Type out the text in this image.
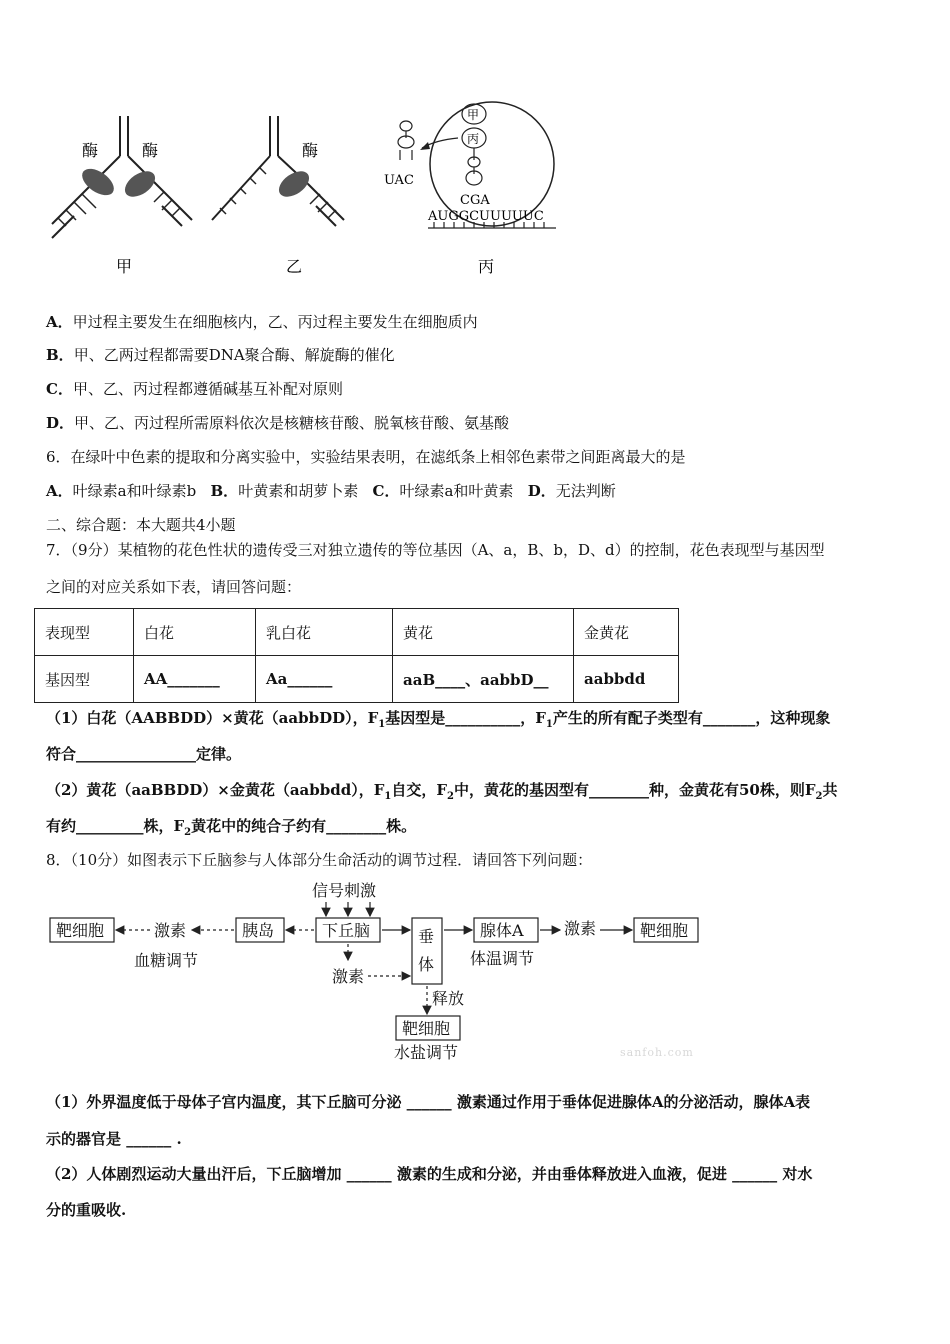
酶	酶
甲
酶
乙
甲
丙
CGA
UAC
AUGGCUUUUUC
丙
A．甲过程主要发生在细胞核内，乙、丙过程主要发生在细胞质内
B．甲、乙两过程都需要DNA聚合酶、解旋酶的催化
C．甲、乙、丙过程都遵循碱基互补配对原则
D．甲、乙、丙过程所需原料依次是核糖核苷酸、脱氧核苷酸、氨基酸
6．在绿叶中色素的提取和分离实验中，实验结果表明，在滤纸条上相邻色素带之间距离最大的是
A．叶绿素a和叶绿素b B．叶黄素和胡萝卜素 C．叶绿素a和叶黄素 D．无法判断
二、综合题：本大题共4小题
7．（9分）某植物的花色性状的遗传受三对独立遗传的等位基因（A、a，B、b，D、d）的控制，花色表现型与基因型
之间的对应关系如下表，请回答问题：
表现型	白花	乳白花	黄花	金黄花
基因型	AA_______	Aa______	aaB____、aabbD__	aabbdd
（1）白花（AABBDD）×黄花（aabbDD），$F_1$基因型是__________，$F_1$产生的所有配子类型有_______，这种现象
符合________________定律。
（2）黄花（aaBBDD）×金黄花（aabbdd），$F_1$自交，$F_2$中，黄花的基因型有________种，金黄花有50株，则$F_2$共
有约_________株，$F_2$黄花中的纯合子约有________株。
8．（10分）如图表示下丘脑参与人体部分生命活动的调节过程．请回答下列问题：
信号刺激
靶细胞	激素
血糖调节
胰岛	下丘脑	垂
体
激素
腺体A
体温调节
激素	靶细胞
释放
靶细胞
水盐调节	sanfoh.com
（1）外界温度低于母体子宫内温度，其下丘脑可分泌 ______ 激素通过作用于垂体促进腺体A的分泌活动，腺体A表
示的器官是 ______ .
（2）人体剧烈运动大量出汗后，下丘脑增加 ______ 激素的生成和分泌，并由垂体释放进入血液，促进 ______ 对水
分的重吸收.
